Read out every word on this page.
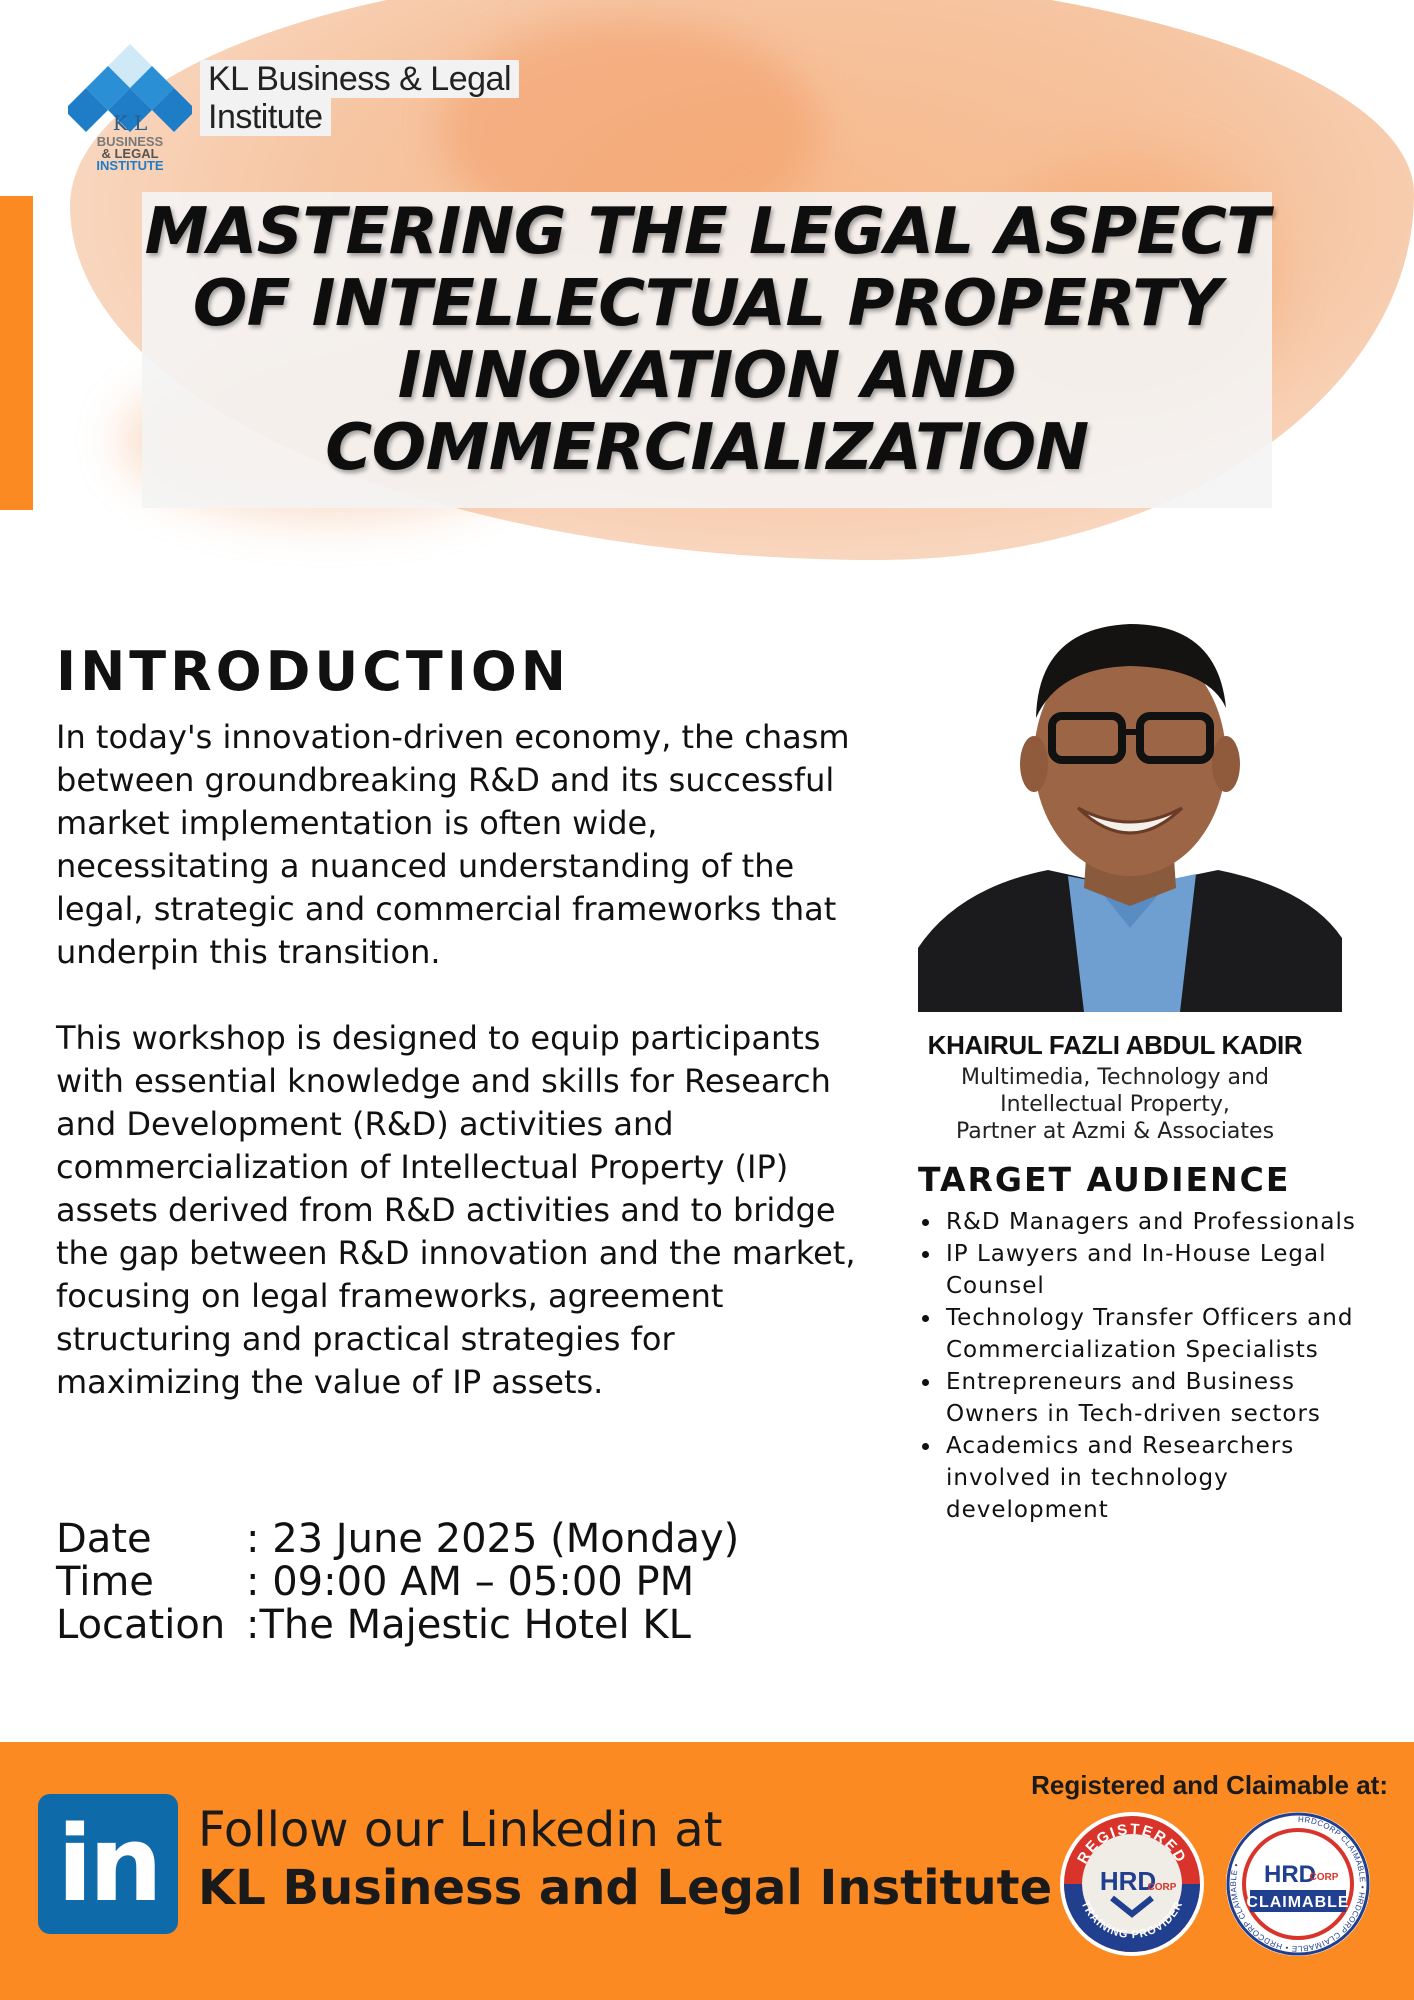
K L
BUSINESS
& LEGAL
INSTITUTE
KL Business & Legal
Institute
MASTERING THE LEGAL ASPECT
OF INTELLECTUAL PROPERTY
INNOVATION AND
COMMERCIALIZATION
INTRODUCTION

In today's innovation-driven economy, the chasm between groundbreaking R&D and its successful market implementation is often wide, necessitating a nuanced understanding of the legal, strategic and commercial frameworks that underpin this transition.

This workshop is designed to equip participants with essential knowledge and skills for Research and Development (R&D) activities and commercialization of Intellectual Property (IP) assets derived from R&D activities and to bridge the gap between R&D innovation and the market, focusing on legal frameworks, agreement structuring and practical strategies for maximizing the value of IP assets.

Date	: 23 June 2025 (Monday)
Time	: 09:00 AM – 05:00 PM
Location :The Majestic Hotel KL
KHAIRUL FAZLI ABDUL KADIR
Multimedia, Technology and
Intellectual Property,
Partner at Azmi & Associates
TARGET AUDIENCE
• R&D Managers and Professionals
• IP Lawyers and In-House Legal Counsel
• Technology Transfer Officers and Commercialization Specialists
• Entrepreneurs and Business Owners in Tech-driven sectors
• Academics and Researchers involved in technology development
in Follow our Linkedin at
KL Business and Legal Institute
Registered and Claimable at:
REGISTERED
TRAINING PROVIDER
HRD
CORP
HRDCORP CLAIMABLE • HRDCORP CLAIMABLE • HRDCORP CLAIMABLE • HRD
CORP
CLAIMABLE
